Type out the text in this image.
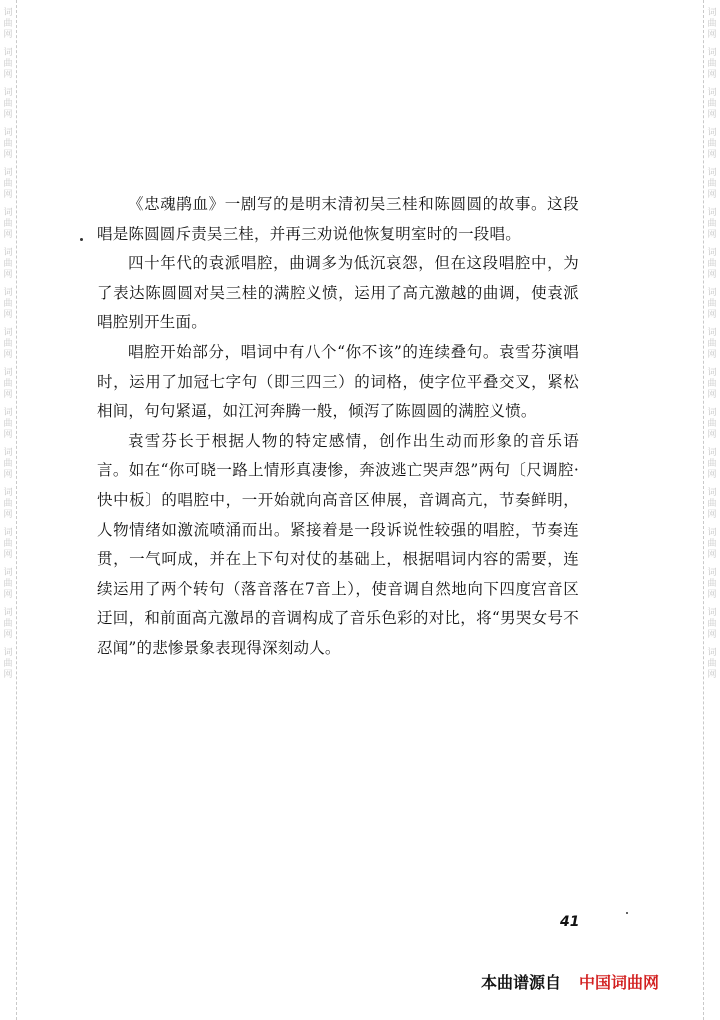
词曲网
词曲网
词曲网
词曲网
词曲网
词曲网
词曲网
词曲网
词曲网
词曲网
词曲网
词曲网
词曲网
词曲网
词曲网
词曲网
词曲网
词曲网
词曲网
词曲网
词曲网
词曲网
词曲网
词曲网
词曲网
词曲网
词曲网
词曲网
词曲网
词曲网
词曲网
词曲网
词曲网
词曲网

《忠魂鹃血》一剧写的是明末清初吴三桂和陈圆圆的故事。这段唱是陈圆圆斥责吴三桂，并再三劝说他恢复明室时的一段唱。

四十年代的袁派唱腔，曲调多为低沉哀怨，但在这段唱腔中，为了表达陈圆圆对吴三桂的满腔义愤，运用了高亢激越的曲调，使袁派唱腔别开生面。

唱腔开始部分，唱词中有八个“你不该”的连续叠句。袁雪芬演唱时，运用了加冠七字句（即三四三）的词格，使字位平叠交叉，紧松相间，句句紧逼，如江河奔腾一般，倾泻了陈圆圆的满腔义愤。

袁雪芬长于根据人物的特定感情，创作出生动而形象的音乐语言。如在“你可晓一路上情形真凄惨，奔波逃亡哭声怨”两句〔尺调腔·快中板〕的唱腔中，一开始就向高音区伸展，音调高亢，节奏鲜明，人物情绪如激流喷涌而出。紧接着是一段诉说性较强的唱腔，节奏连贯，一气呵成，并在上下句对仗的基础上，根据唱词内容的需要，连续运用了两个转句（落音落在7音上），使音调自然地向下四度宫音区迂回，和前面高亢激昂的音调构成了音乐色彩的对比，将“男哭女号不忍闻”的悲惨景象表现得深刻动人。

41
本曲谱源自 中国词曲网
